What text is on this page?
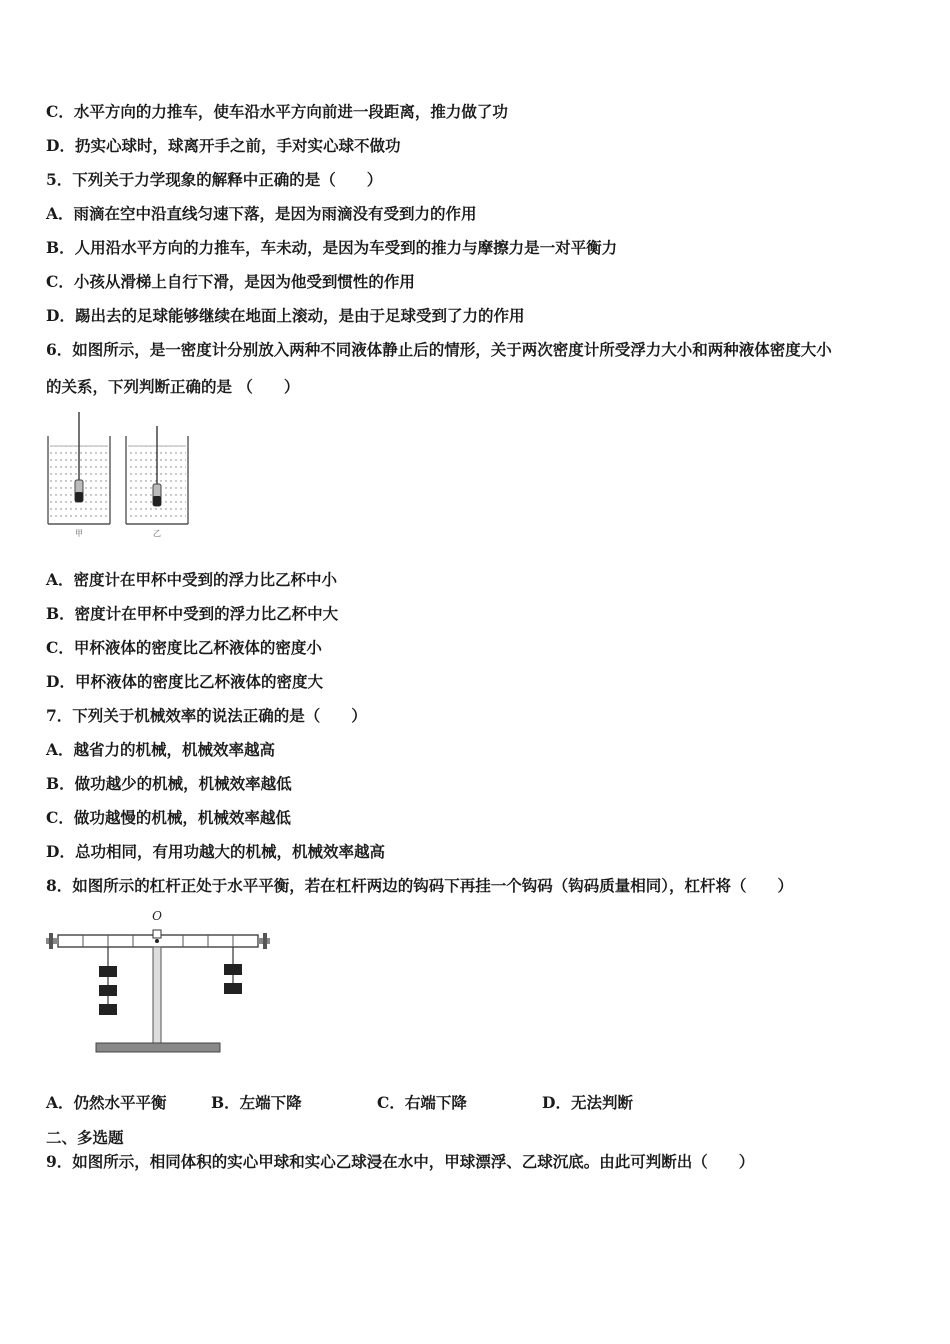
C．水平方向的力推车，使车沿水平方向前进一段距离，推力做了功
D．扔实心球时，球离开手之前，手对实心球不做功
5．下列关于力学现象的解释中正确的是（　　）
A．雨滴在空中沿直线匀速下落，是因为雨滴没有受到力的作用
B．人用沿水平方向的力推车，车未动，是因为车受到的推力与摩擦力是一对平衡力
C．小孩从滑梯上自行下滑，是因为他受到惯性的作用
D．踢出去的足球能够继续在地面上滚动，是由于足球受到了力的作用
6．如图所示，是一密度计分别放入两种不同液体静止后的情形，关于两次密度计所受浮力大小和两种液体密度大小
的关系，下列判断正确的是 （　　）
甲	乙
A．密度计在甲杯中受到的浮力比乙杯中小
B．密度计在甲杯中受到的浮力比乙杯中大
C．甲杯液体的密度比乙杯液体的密度小
D．甲杯液体的密度比乙杯液体的密度大
7．下列关于机械效率的说法正确的是（　　）
A．越省力的机械，机械效率越高
B．做功越少的机械，机械效率越低
C．做功越慢的机械，机械效率越低
D．总功相同，有用功越大的机械，机械效率越高
8．如图所示的杠杆正处于水平平衡，若在杠杆两边的钩码下再挂一个钩码（钩码质量相同），杠杆将（　　）
O
A．仍然水平平衡	B．左端下降	C．右端下降	D．无法判断
二、多选题
9．如图所示，相同体积的实心甲球和实心乙球浸在水中，甲球漂浮、乙球沉底。由此可判断出（　　）
